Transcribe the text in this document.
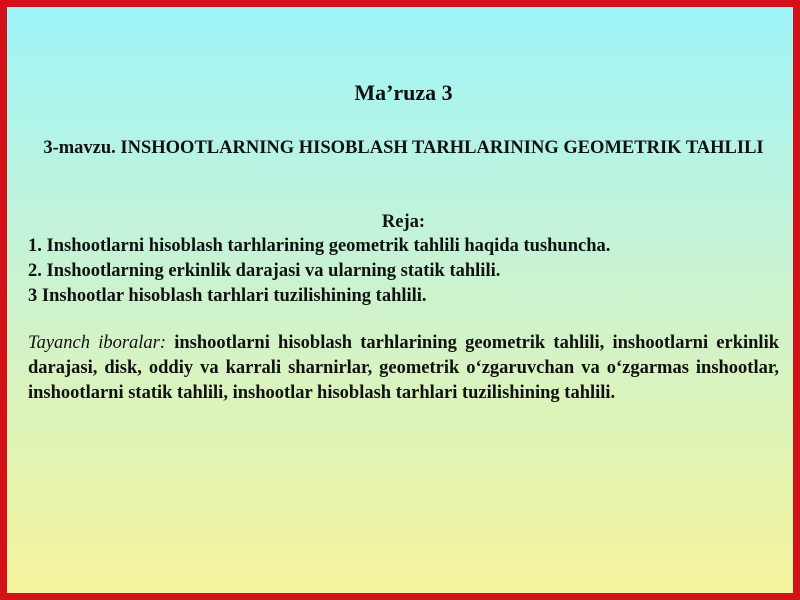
Ma’ruza 3

3-mavzu. INSHOOTLARNING HISOBLASH TARHLARINING GEOMETRIK TAHLILI

Reja:

1. Inshootlarni hisoblash tarhlarining geometrik tahlili haqida tushuncha.
2. Inshootlarning erkinlik darajasi va ularning statik tahlili.
3 Inshootlar hisoblash tarhlari tuzilishining tahlili.

Tayanch iboralar: inshootlarni hisoblash tarhlarining geometrik tahlili, inshootlarni erkinlik darajasi, disk, oddiy va karrali sharnirlar, geometrik o‘zgaruvchan va o‘zgarmas inshootlar, inshootlarni statik tahlili, inshootlar hisoblash tarhlari tuzilishining tahlili.
